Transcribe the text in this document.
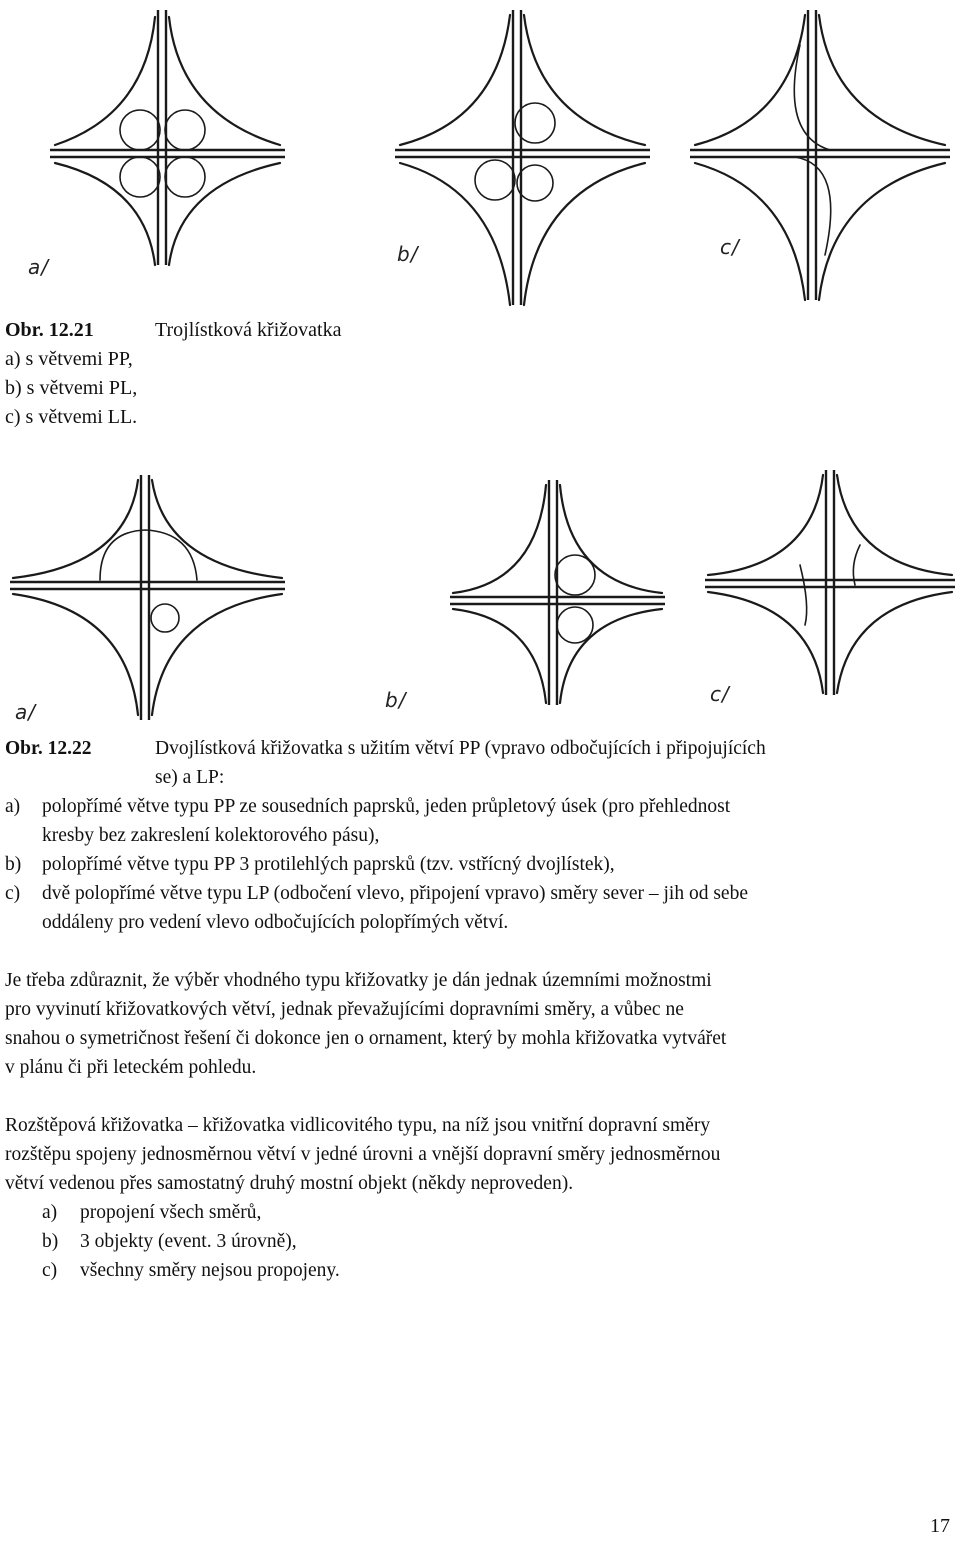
a/
b/	c/
Obr. 12.21	Trojlístková křižovatka
a) s větvemi PP,
b) s větvemi PL,
c) s větvemi LL.
a/	b/	c/
Obr. 12.22	Dvojlístková křižovatka s užitím větví PP (vpravo odbočujících i připojujících
se) a LP:
a) polopřímé větve typu PP ze sousedních paprsků, jeden průpletový úsek (pro přehlednost
kresby bez zakreslení kolektorového pásu),
b) polopřímé větve typu PP 3 protilehlých paprsků (tzv. vstřícný dvojlístek),
c) dvě polopřímé větve typu LP (odbočení vlevo, připojení vpravo) směry sever – jih od sebe
oddáleny pro vedení vlevo odbočujících polopřímých větví.
Je třeba zdůraznit, že výběr vhodného typu křižovatky je dán jednak územními možnostmi
pro vyvinutí křižovatkových větví, jednak převažujícími dopravními směry, a vůbec ne
snahou o symetričnost řešení či dokonce jen o ornament, který by mohla křižovatka vytvářet
v plánu či při leteckém pohledu.
Rozštěpová křižovatka – křižovatka vidlicovitého typu, na níž jsou vnitřní dopravní směry
rozštěpu spojeny jednosměrnou větví v jedné úrovni a vnější dopravní směry jednosměrnou
větví vedenou přes samostatný druhý mostní objekt (někdy neproveden).
a) propojení všech směrů,
b) 3 objekty (event. 3 úrovně),
c) všechny směry nejsou propojeny.
17
